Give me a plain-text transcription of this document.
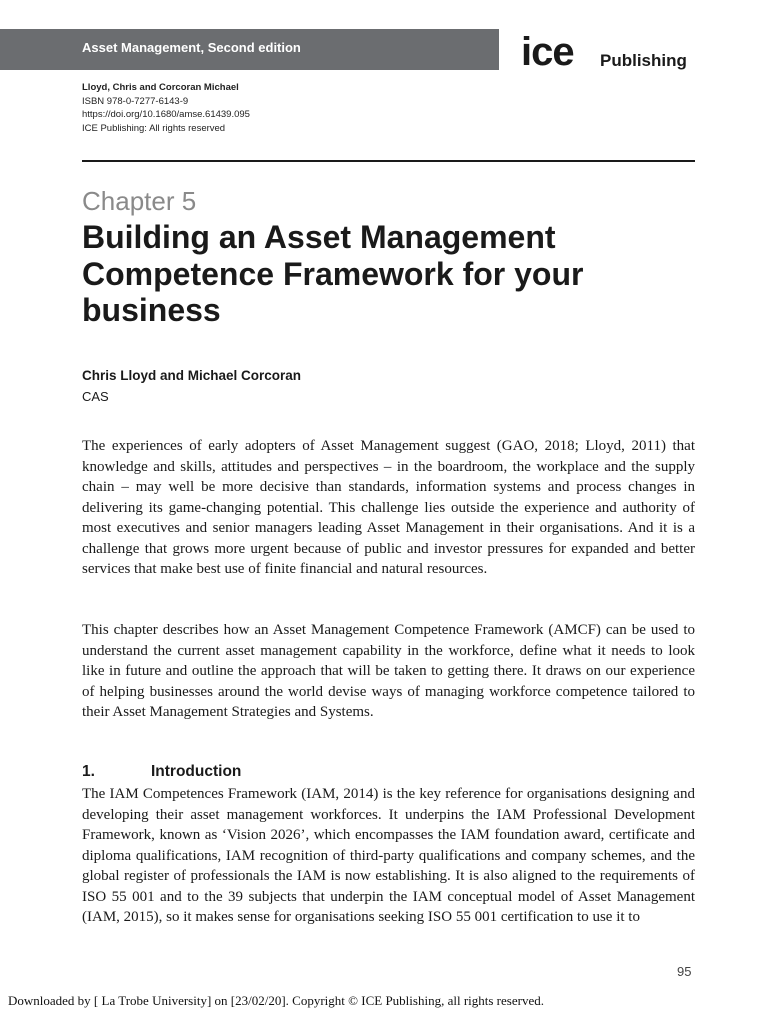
Asset Management, Second edition	ice Publishing
Lloyd, Chris and Corcoran Michael
ISBN 978-0-7277-6143-9
https://doi.org/10.1680/amse.61439.095
ICE Publishing: All rights reserved
Chapter 5
Building an Asset Management Competence Framework for your business
Chris Lloyd and Michael Corcoran
CAS
The experiences of early adopters of Asset Management suggest (GAO, 2018; Lloyd, 2011) that knowledge and skills, attitudes and perspectives – in the boardroom, the workplace and the supply chain – may well be more decisive than standards, information systems and process changes in delivering its game-changing potential. This challenge lies outside the experience and authority of most executives and senior managers leading Asset Management in their organisations. And it is a challenge that grows more urgent because of public and investor pressures for expanded and better services that make best use of finite financial and natural resources.
This chapter describes how an Asset Management Competence Framework (AMCF) can be used to understand the current asset management capability in the workforce, define what it needs to look like in future and outline the approach that will be taken to getting there. It draws on our experience of helping businesses around the world devise ways of managing workforce competence tailored to their Asset Management Strategies and Systems.
1.	Introduction
The IAM Competences Framework (IAM, 2014) is the key reference for organisations designing and developing their asset management workforces. It underpins the IAM Professional Development Framework, known as ‘Vision 2026’, which encompasses the IAM foundation award, certificate and diploma qualifications, IAM recognition of third-party qualifications and company schemes, and the global register of professionals the IAM is now establishing. It is also aligned to the requirements of ISO 55 001 and to the 39 subjects that underpin the IAM conceptual model of Asset Management (IAM, 2015), so it makes sense for organisations seeking ISO 55 001 certification to use it to
95
Downloaded by [ La Trobe University] on [23/02/20]. Copyright © ICE Publishing, all rights reserved.
